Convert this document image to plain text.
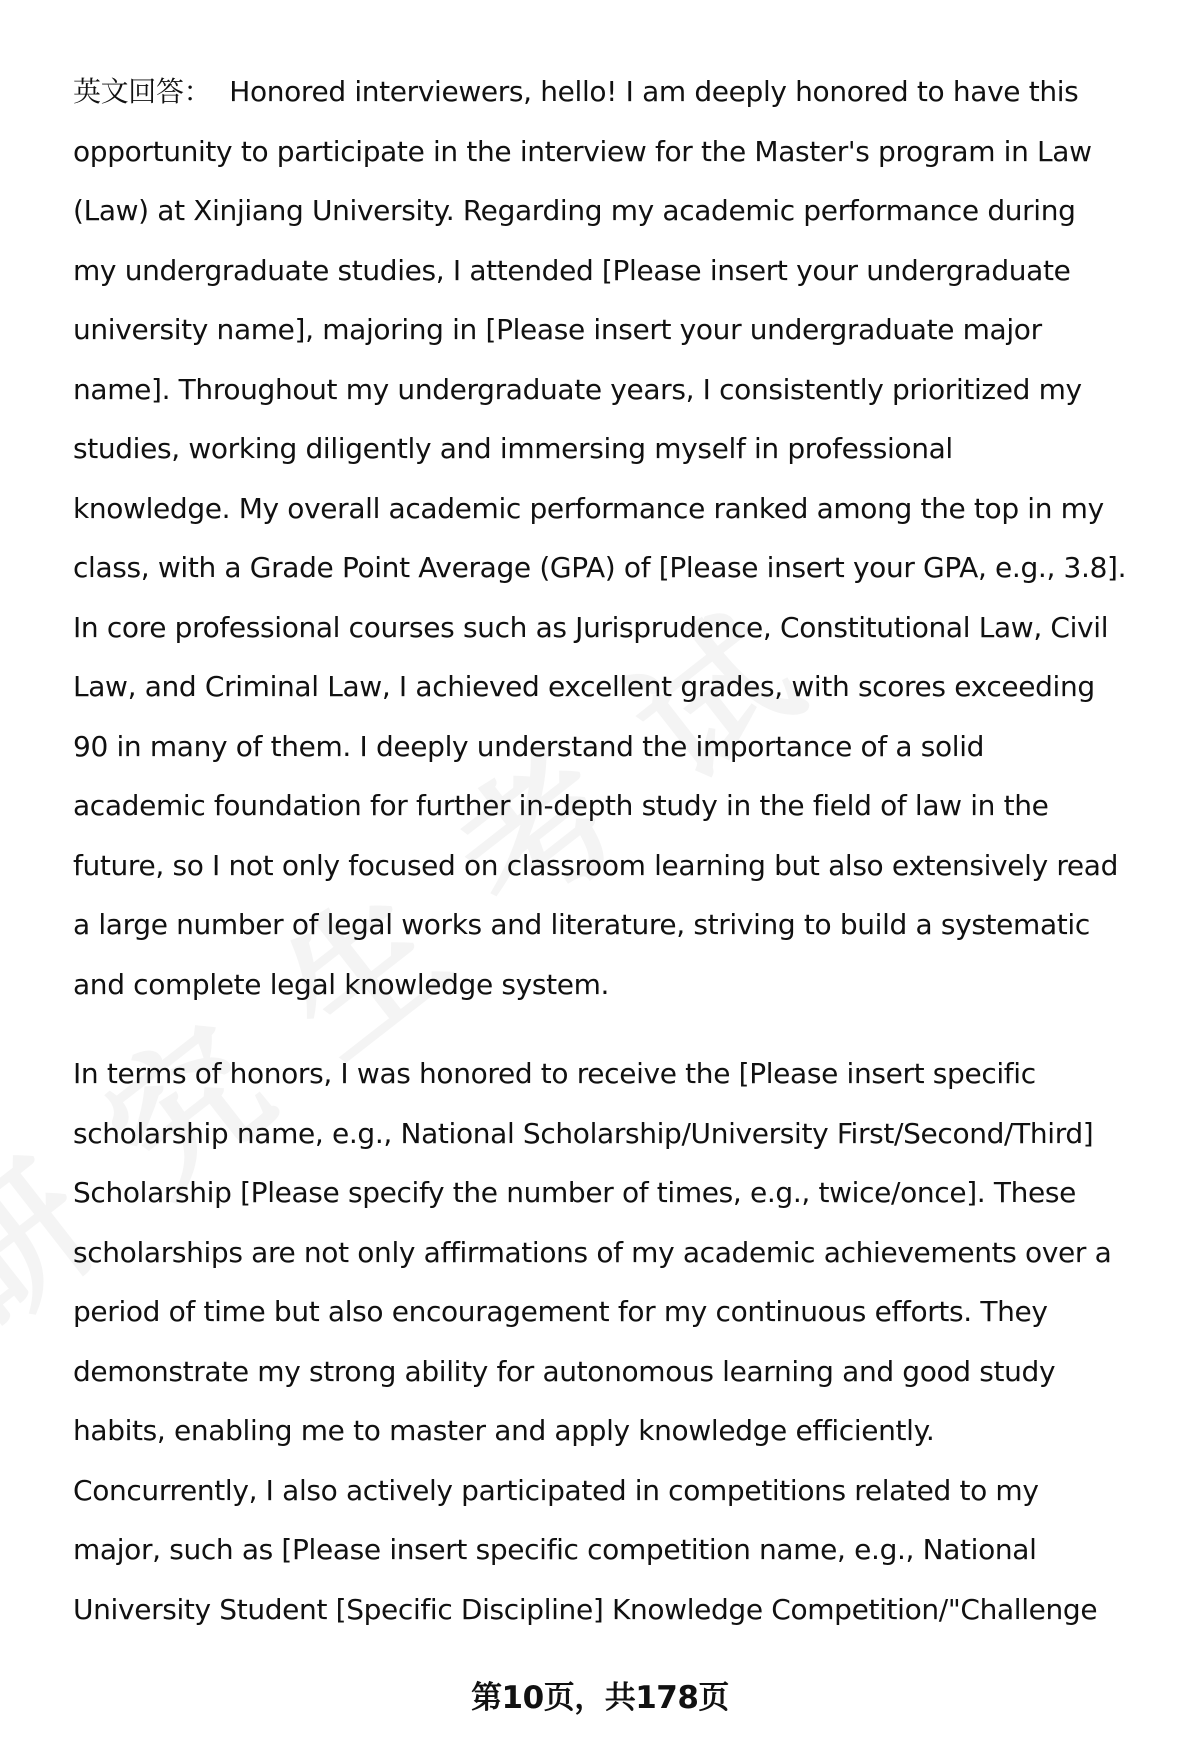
英文回答： Honored interviewers, hello! I am deeply honored to have this
opportunity to participate in the interview for the Master's program in Law
(Law) at Xinjiang University. Regarding my academic performance during
my undergraduate studies, I attended [Please insert your undergraduate
university name], majoring in [Please insert your undergraduate major
name]. Throughout my undergraduate years, I consistently prioritized my
studies, working diligently and immersing myself in professional
knowledge. My overall academic performance ranked among the top in my
class, with a Grade Point Average (GPA) of [Please insert your GPA, e.g., 3.8].
In core professional courses such as Jurisprudence, Constitutional Law, Civil
Law, and Criminal Law, I achieved excellent grades, with scores exceeding
90 in many of them. I deeply understand the importance of a solid
academic foundation for further in-depth study in the field of law in the
future, so I not only focused on classroom learning but also extensively read
a large number of legal works and literature, striving to build a systematic
and complete legal knowledge system.
In terms of honors, I was honored to receive the [Please insert specific
scholarship name, e.g., National Scholarship/University First/Second/Third]
Scholarship [Please specify the number of times, e.g., twice/once]. These
scholarships are not only affirmations of my academic achievements over a
period of time but also encouragement for my continuous efforts. They
demonstrate my strong ability for autonomous learning and good study
habits, enabling me to master and apply knowledge efficiently.
Concurrently, I also actively participated in competitions related to my
major, such as [Please insert specific competition name, e.g., National
University Student [Specific Discipline] Knowledge Competition/"Challenge
第10页，共178页
